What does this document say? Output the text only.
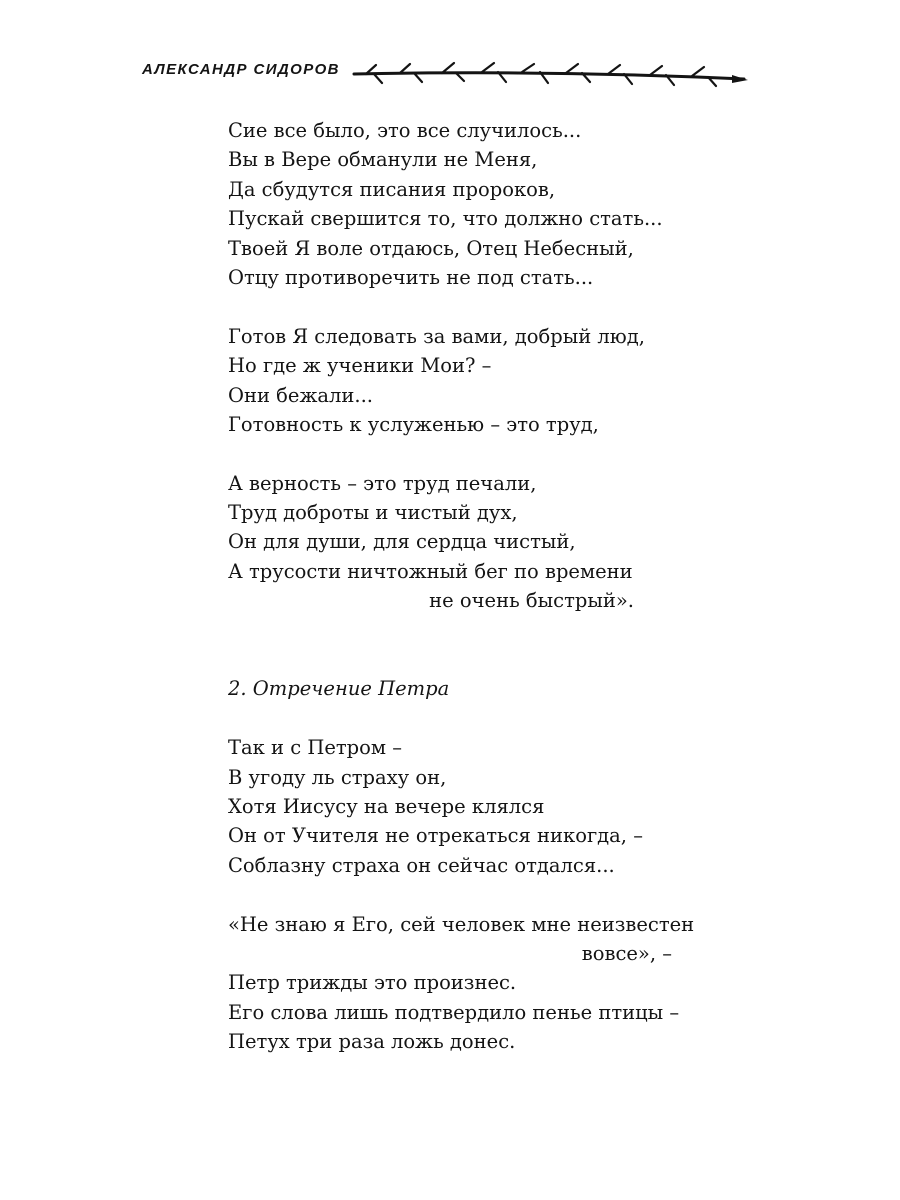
АЛЕКСАНДР СИДОРОВ
Сие все было, это все случилось...
Вы в Вере обманули не Меня,
Да сбудутся писания пророков,
Пускай свершится то, что должно стать...
Твоей Я воле отдаюсь, Отец Небесный,
Отцу противоречить не под стать...
Готов Я следовать за вами, добрый люд,
Но где ж ученики Мои? –
Они бежали...
Готовность к услуженью – это труд,
А верность – это труд печали,
Труд доброты и чистый дух,
Он для души, для сердца чистый,
А трусости ничтожный бег по времени
не очень быстрый».
2. Отречение Петра
Так и с Петром –
В угоду ль страху он,
Хотя Иисусу на вечере клялся
Он от Учителя не отрекаться никогда, –
Соблазну страха он сейчас отдался...
«Не знаю я Его, сей человек мне неизвестен
вовсе», –
Петр трижды это произнес.
Его слова лишь подтвердило пенье птицы –
Петух три раза ложь донес.
